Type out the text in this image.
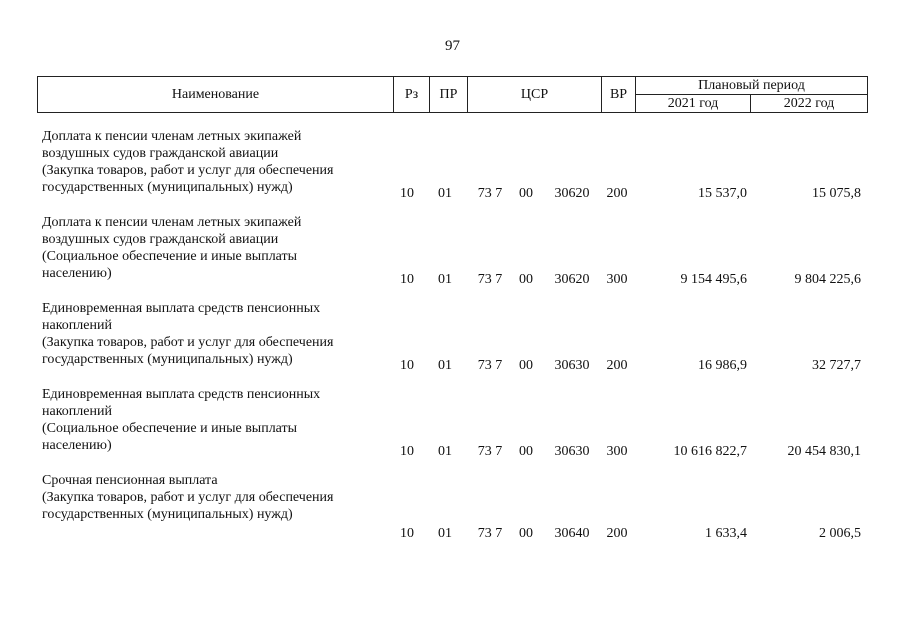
97
Наименование	Рз	ПР	ЦСР	ВР	Плановый период	
					2021 год	2022 год
Доплата к пенсии членам летных экипажей
воздушных судов гражданской авиации
(Закупка товаров, работ и услуг для обеспечения
государственных (муниципальных) нужд)	10	01	73 7	00	30620	200	15 537,0	15 075,8
Доплата к пенсии членам летных экипажей
воздушных судов гражданской авиации
(Социальное обеспечение и иные выплаты
населению)	10	01	73 7	00	30620	300	9 154 495,6	9 804 225,6
Единовременная выплата средств пенсионных
накоплений
(Закупка товаров, работ и услуг для обеспечения
государственных (муниципальных) нужд)	10	01	73 7	00	30630	200	16 986,9	32 727,7
Единовременная выплата средств пенсионных
накоплений
(Социальное обеспечение и иные выплаты
населению)	10	01	73 7	00	30630	300	10 616 822,7	20 454 830,1
Срочная пенсионная выплата
(Закупка товаров, работ и услуг для обеспечения
государственных (муниципальных) нужд)
10	01	73 7	00	30640	200	1 633,4	2 006,5
